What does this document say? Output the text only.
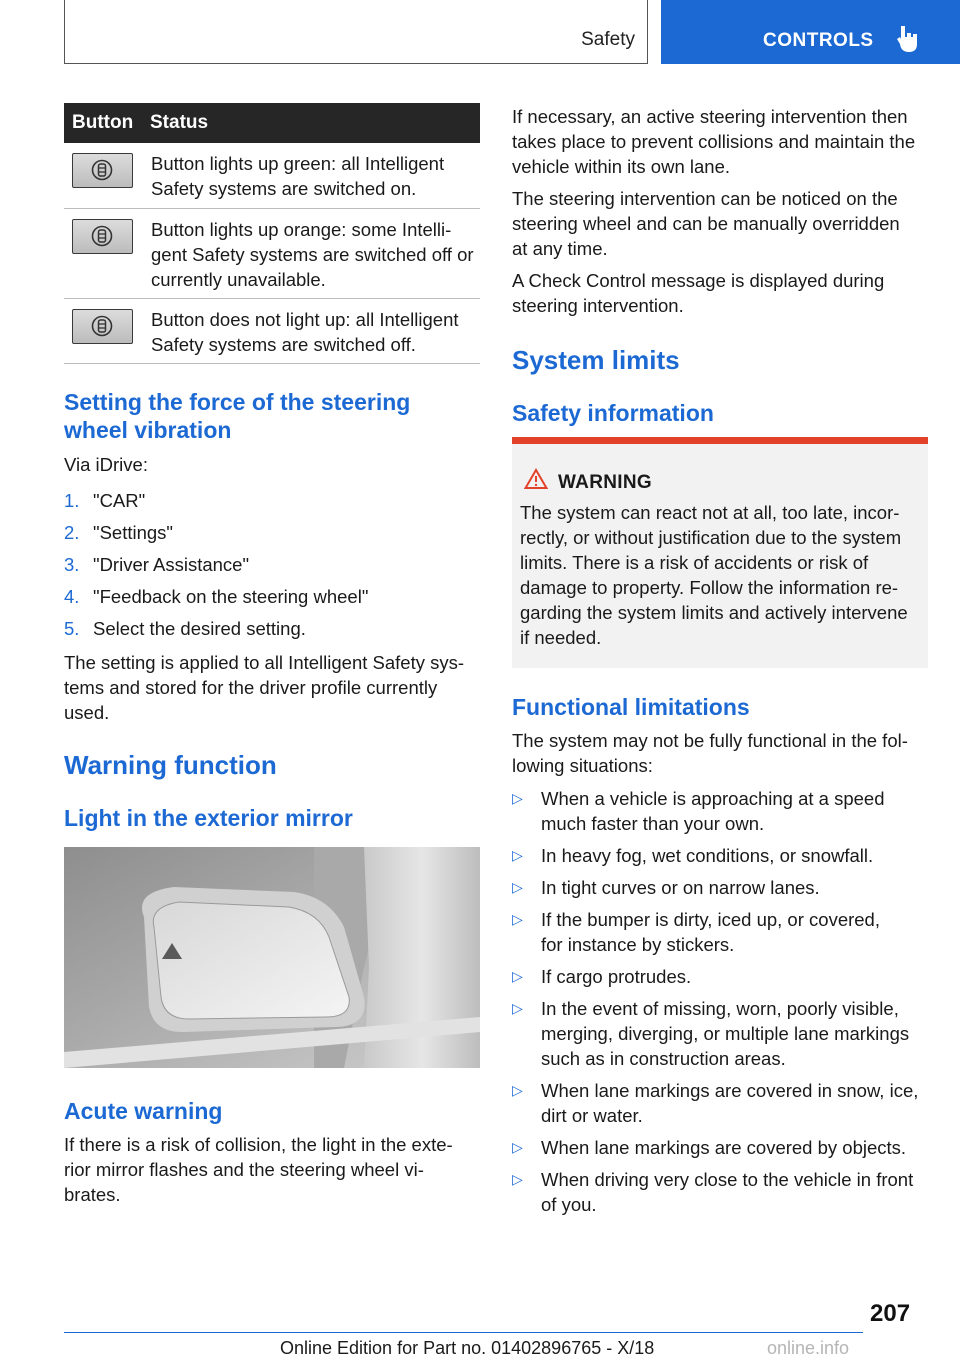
Safety	CONTROLS
Button Status
Button lights up green: all Intelligent Safety systems are switched on.
Button lights up orange: some Intelli-gent Safety systems are switched off or currently unavailable.
Button does not light up: all Intelligent Safety systems are switched off.
Setting the force of the steering
wheel vibration
Via iDrive:
1. "CAR"
2. "Settings"
3. "Driver Assistance"
4. "Feedback on the steering wheel"
5. Select the desired setting.
The setting is applied to all Intelligent Safety sys-
tems and stored for the driver profile currently
used.
Warning function
Light in the exterior mirror
Acute warning
If there is a risk of collision, the light in the exte-
rior mirror flashes and the steering wheel vi-
brates.
If necessary, an active steering intervention then
takes place to prevent collisions and maintain the
vehicle within its own lane.
The steering intervention can be noticed on the
steering wheel and can be manually overridden
at any time.
A Check Control message is displayed during
steering intervention.
System limits
Safety information
WARNING
The system can react not at all, too late, incor-
rectly, or without justification due to the system
limits. There is a risk of accidents or risk of
damage to property. Follow the information re-
garding the system limits and actively intervene
if needed.
Functional limitations
The system may not be fully functional in the fol-
lowing situations:
▷ When a vehicle is approaching at a speed
much faster than your own.
▷ In heavy fog, wet conditions, or snowfall.
▷ In tight curves or on narrow lanes.
▷ If the bumper is dirty, iced up, or covered,
for instance by stickers.
▷ If cargo protrudes.
▷ In the event of missing, worn, poorly visible,
merging, diverging, or multiple lane markings
such as in construction areas.
▷ When lane markings are covered in snow, ice,
dirt or water.
▷ When lane markings are covered by objects.
▷ When driving very close to the vehicle in front
of you.
207
Online Edition for Part no. 01402896765 - X/18	online.info
